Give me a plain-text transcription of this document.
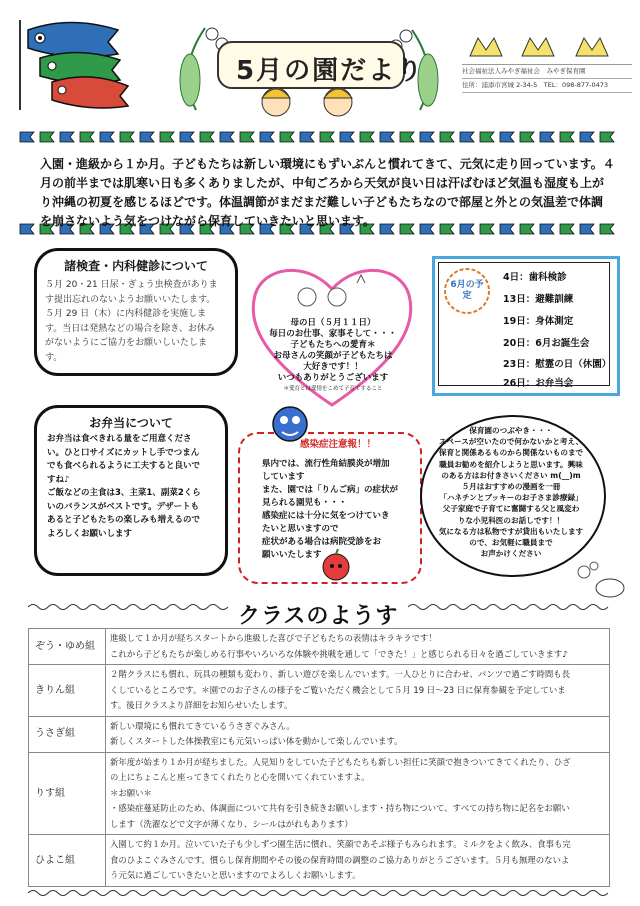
5月の園だより	社会福祉法人みやぎ福祉会　みやぎ保育園
住所：浦添市宮城 2-34-5　TEL：098-877-0473
入園・進級から１か月。子どもたちは新しい環境にもずいぶんと慣れてきて、元気に走り回っています。４月の前半までは肌寒い日も多くありましたが、中旬ごろから天気が良い日は汗ばむほど気温も湿度も上がり沖縄の初夏を感じるほどです。体温調節がまだまだ難しい子どもたちなので部屋と外との気温差で体調を崩さないよう気をつけながら保育していきたいと思います。
諸検査・内科健診について

５月 20・21 日尿・ぎょう虫検査がありま
す提出忘れのないようお願いいたします。
５月 29 日（木）に内科健診を実施しま
す。当日は発熱などの場合を除き、お休み
がないようにご協力をお願いしいたしま
す。

母の日（５月１１日）
毎日のお仕事、家事そして・・・
子どもたちへの愛育＊
お母さんの笑顔が子どもたちは
大好きです！！
いつもありがとうございます
＊愛育とは愛情をこめて子育てすること
6月の予定
4日：歯科検診
13日：避難訓練
19日：身体測定
20日：6月お誕生会
23日：慰霊の日（休園）
26日：お弁当会
お弁当について

お弁当は食べきれる量をご用意くださ
い。ひと口サイズにカットし手でつまん
でも食べられるように工夫すると良いで
すね♪
ご飯などの主食は3、主菜1、副菜2くら
いのバランスがベストです。デザートも
あると子どもたちの楽しみも増えるので
よろしくお願いします

感染症注意報！！
県内では、流行性角結膜炎が増加
しています
また、園では「りんご病」の症状が
見られる園児も・・・
感染症には十分に気をつけていき
たいと思いますので
症状がある場合は病院受診をお
願いいたします
保育園のつぶやき・・・
スペースが空いたので何かないかと考え、
保育と関係あるものから関係ないものまで
職員お勧めを紹介しようと思います。興味
のある方はお付きさいください m(__)m
５月はおすすめの漫画を一冊
「ハネチンとブッキーのお子さま診療録」
父子家庭で子育てに奮闘する父と風変わ
りな小児科医のお話しです！！
気になる方は私物ですが貸出もいたします
ので、お気軽に職員まで
お声かけください
クラスのようす
ぞう・ゆめ組	進級して１か月が経ちスタートから進級した喜びで子どもたちの表情はキラキラです！
これから子どもたちが楽しめる行事やいろいろな体験や挑戦を通して「できた！」と感じられる日々を過ごしていきます♪

きりん組	２階クラスにも慣れ、玩具の種類も変わり、新しい遊びを楽しんでいます。一人ひとりに合わせ、パンツで過ごす時間も長
くしているところです。＊園でのお子さんの様子をご覧いただく機会として５月 19 日～23 日に保育参観を予定していま
す。後日クラスより詳細をお知らせいたします。

うさぎ組	新しい環境にも慣れてきているうさぎぐみさん。
新しくスタートした体操教室にも元気いっぱい体を動かして楽しんでいます。

りす組	新年度が始まり１か月が経ちました。人見知りをしていた子どもたちも新しい担任に笑顔で抱きついてきてくれたり、ひざ
の上にちょこんと座ってきてくれたりと心を開いてくれていますよ。
＊お願い＊
・感染症蔓延防止のため、体調面について共有を引き続きお願いします・持ち物について、すべての持ち物に記名をお願い
します（洗濯などで文字が薄くなり、シールはがれもあります）

ひよこ組	入園して約１か月。泣いていた子も少しずつ園生活に慣れ、笑顔であそぶ様子もみられます。ミルクをよく飲み、食事も完
食のひよこぐみさんです。慣らし保育期間やその後の保育時間の調整のご協力ありがとうございます。５月も無理のないよ
う元気に過ごしていきたいと思いますのでよろしくお願いします。
